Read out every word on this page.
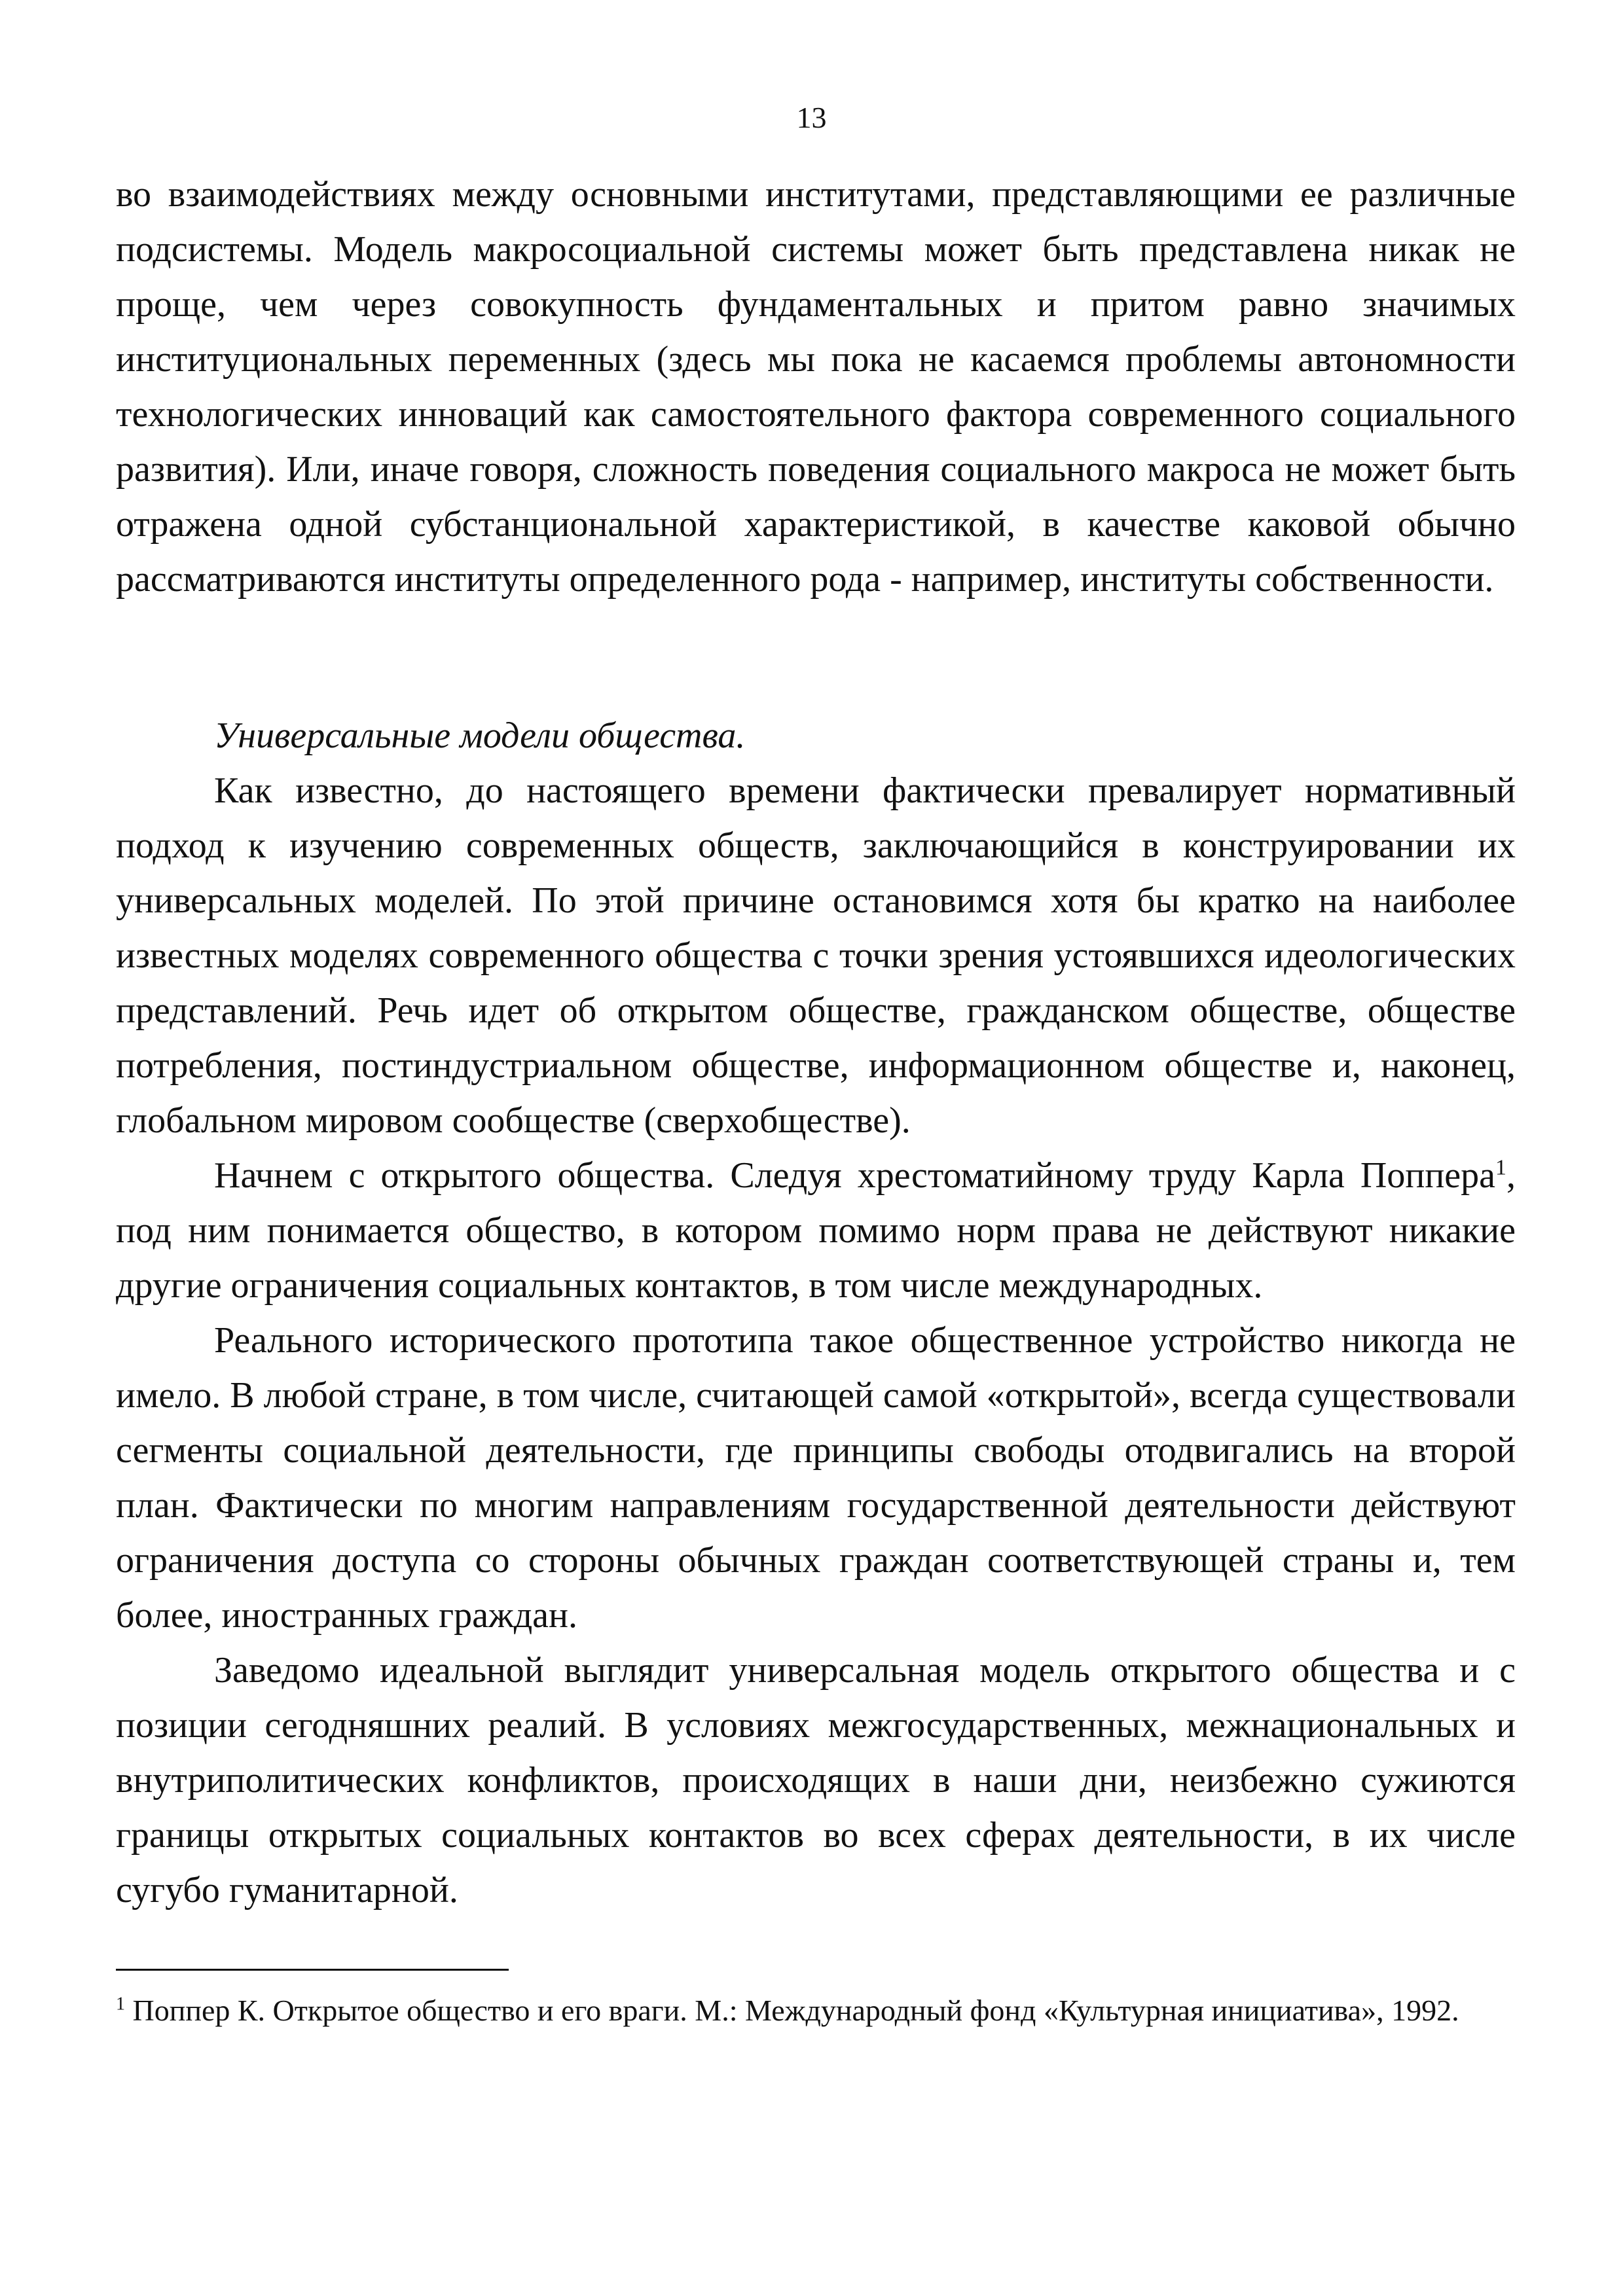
13

во взаимодействиях между основными институтами, представляющими ее различные подсистемы. Модель макросоциальной системы может быть представлена никак не проще, чем через совокупность фундаментальных и притом равно значимых институциональных переменных (здесь мы пока не касаемся проблемы автономности технологических инноваций как самостоятельного фактора современного социального развития). Или, иначе говоря, сложность поведения социального макроса не может быть отражена одной субстанциональной характеристикой, в качестве каковой обычно рассматриваются институты определенного рода - например, институты собственности.

Универсальные модели общества.

Как известно, до настоящего времени фактически превалирует нормативный подход к изучению современных обществ, заключающийся в конструировании их универсальных моделей. По этой причине остановимся хотя бы кратко на наиболее известных моделях современного общества с точки зрения устоявшихся идеологических представлений. Речь идет об открытом обществе, гражданском обществе, обществе потребления, постиндустриальном обществе, информационном обществе и, наконец, глобальном мировом сообществе (сверхобществе).

Начнем с открытого общества. Следуя хрестоматийному труду Карла Поппера$^1$, под ним понимается общество, в котором помимо норм права не действуют никакие другие ограничения социальных контактов, в том числе международных.

Реального исторического прототипа такое общественное устройство никогда не имело. В любой стране, в том числе, считающей самой «открытой», всегда существовали сегменты социальной деятельности, где принципы свободы отодвигались на второй план. Фактически по многим направлениям государственной деятельности действуют ограничения доступа со стороны обычных граждан соответствующей страны и, тем более, иностранных граждан.

Заведомо идеальной выглядит универсальная модель открытого общества и с позиции сегодняшних реалий. В условиях межгосударственных, межнациональных и внутриполитических конфликтов, происходящих в наши дни, неизбежно сужиются границы открытых социальных контактов во всех сферах деятельности, в их числе сугубо гуманитарной.

$^1$ Поппер К. Открытое общество и его враги. М.: Международный фонд «Культурная инициатива», 1992.
